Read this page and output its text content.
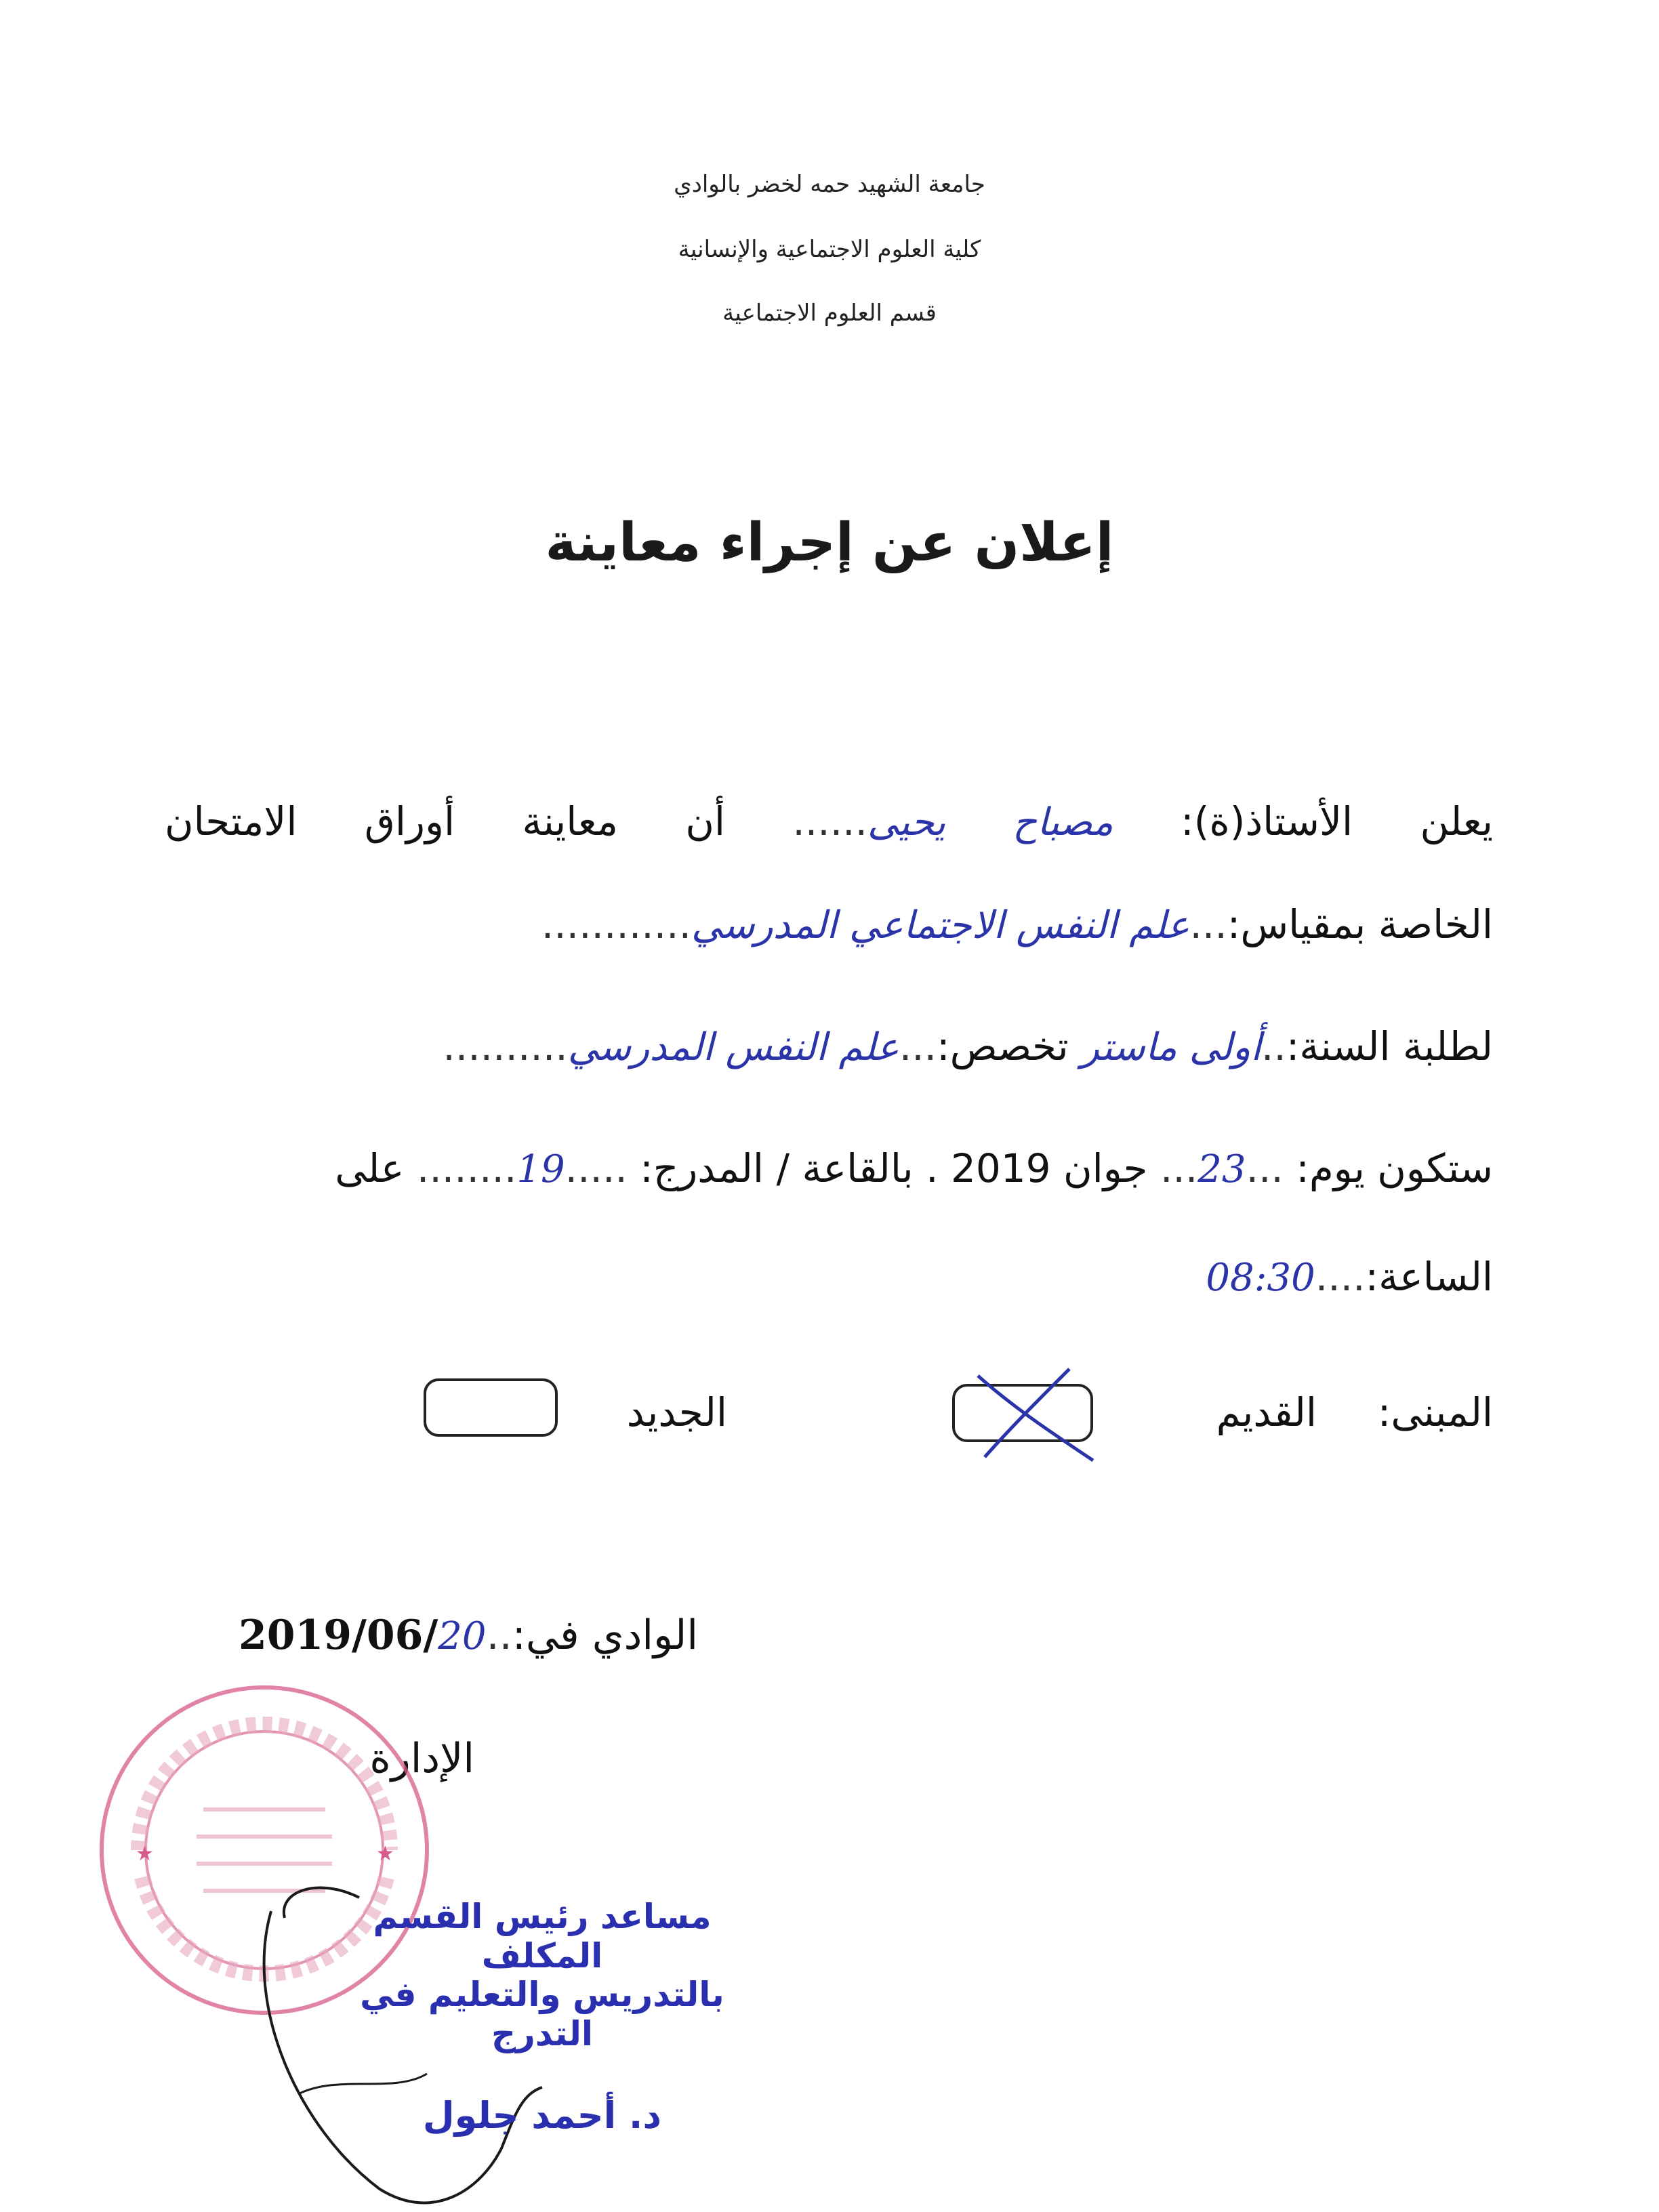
جامعة الشهيد حمه لخضر بالوادي
كلية العلوم الاجتماعية والإنسانية
قسم العلوم الاجتماعية
إعلان عن إجراء معاينة
يعلن الأستاذ(ة): مصباح يحيى...... أن معاينة أوراق الامتحان
الخاصة بمقياس:...علم النفس الاجتماعي المدرسي............
لطلبة السنة:..أولى ماستر تخصص:...علم النفس المدرسي..........
ستكون يوم: ...23... جوان 2019 . بالقاعة / المدرج: .....19........ على
الساعة:....08:30
المبنى:
القديم
الجديد
الوادي في:..202019/06/
الإدارة
★	★
مساعد رئيس القسم المكلف
بالتدريس والتعليم في التدرج
د. أحمد جلول
